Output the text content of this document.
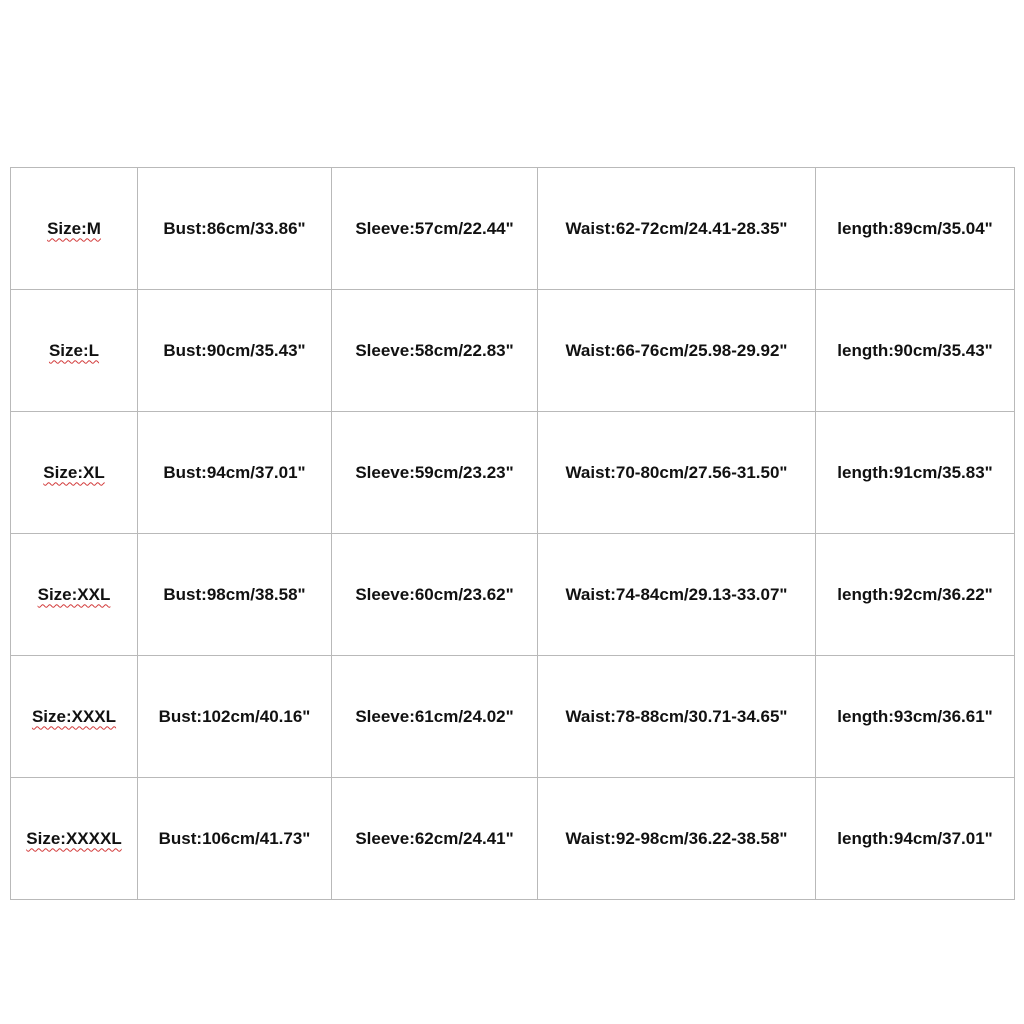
Size:M	Bust:86cm/33.86"	Sleeve:57cm/22.44"	Waist:62-72cm/24.41-28.35"	length:89cm/35.04"
Size:L	Bust:90cm/35.43"	Sleeve:58cm/22.83"	Waist:66-76cm/25.98-29.92"	length:90cm/35.43"
Size:XL	Bust:94cm/37.01"	Sleeve:59cm/23.23"	Waist:70-80cm/27.56-31.50"	length:91cm/35.83"
Size:XXL	Bust:98cm/38.58"	Sleeve:60cm/23.62"	Waist:74-84cm/29.13-33.07"	length:92cm/36.22"
Size:XXXL	Bust:102cm/40.16"	Sleeve:61cm/24.02"	Waist:78-88cm/30.71-34.65"	length:93cm/36.61"
Size:XXXXL	Bust:106cm/41.73"	Sleeve:62cm/24.41"	Waist:92-98cm/36.22-38.58"	length:94cm/37.01"
